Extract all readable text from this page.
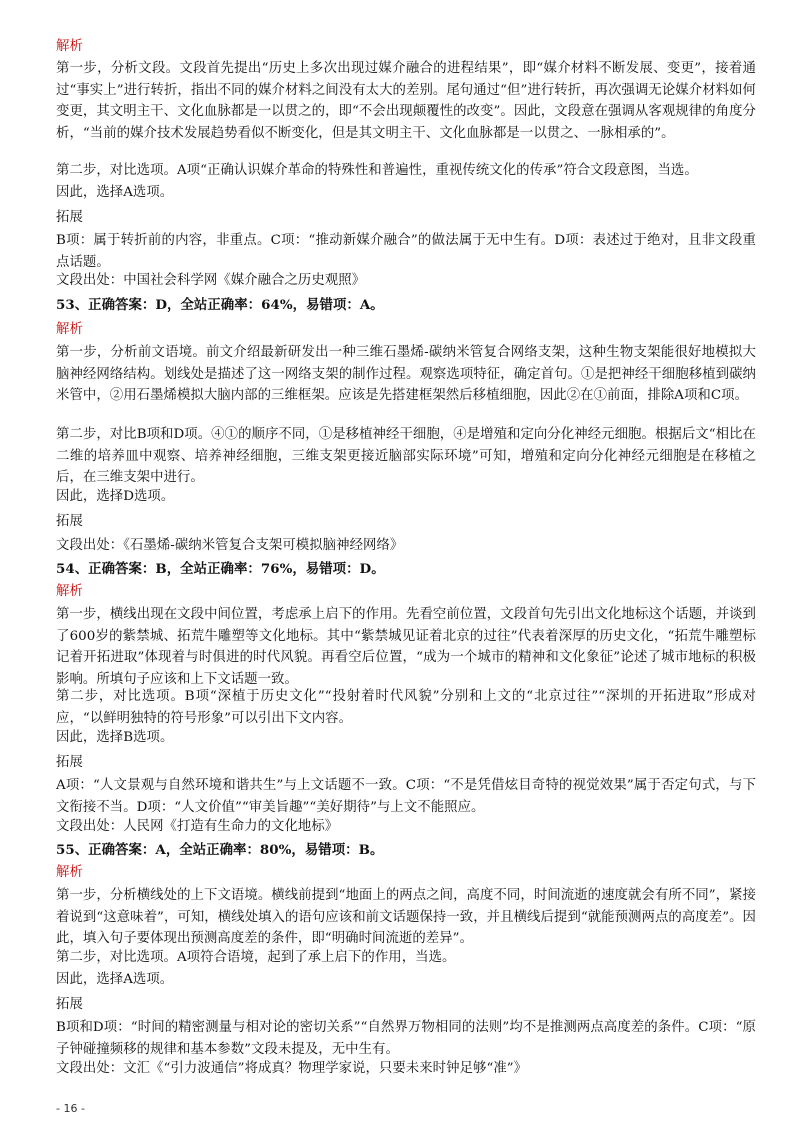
解析
第一步，分析文段。文段首先提出“历史上多次出现过媒介融合的进程结果”，即“媒介材料不断发展、变更”，接着通过“事实上”进行转折，指出不同的媒介材料之间没有太大的差别。尾句通过“但”进行转折，再次强调无论媒介材料如何变更，其文明主干、文化血脉都是一以贯之的，即“不会出现颠覆性的改变”。因此，文段意在强调从客观规律的角度分析，“当前的媒介技术发展趋势看似不断变化，但是其文明主干、文化血脉都是一以贯之、一脉相承的”。
第二步，对比选项。A项“正确认识媒介革命的特殊性和普遍性，重视传统文化的传承”符合文段意图，当选。
因此，选择A选项。
拓展
B项：属于转折前的内容，非重点。C项：“推动新媒介融合”的做法属于无中生有。D项：表述过于绝对，且非文段重点话题。
文段出处：中国社会科学网《媒介融合之历史观照》
53、正确答案：D，全站正确率：64%，易错项：A。
解析
第一步，分析前文语境。前文介绍最新研发出一种三维石墨烯-碳纳米管复合网络支架，这种生物支架能很好地模拟大脑神经网络结构。划线处是描述了这一网络支架的制作过程。观察选项特征，确定首句。①是把神经干细胞移植到碳纳米管中，②用石墨烯模拟大脑内部的三维框架。应该是先搭建框架然后移植细胞，因此②在①前面，排除A项和C项。
第二步，对比B项和D项。④①的顺序不同，①是移植神经干细胞，④是增殖和定向分化神经元细胞。根据后文“相比在二维的培养皿中观察、培养神经细胞，三维支架更接近脑部实际环境”可知，增殖和定向分化神经元细胞是在移植之后，在三维支架中进行。
因此，选择D选项。
拓展
文段出处：《石墨烯-碳纳米管复合支架可模拟脑神经网络》
54、正确答案：B，全站正确率：76%，易错项：D。
解析
第一步，横线出现在文段中间位置，考虑承上启下的作用。先看空前位置，文段首句先引出文化地标这个话题，并谈到了600岁的紫禁城、拓荒牛雕塑等文化地标。其中“紫禁城见证着北京的过往”代表着深厚的历史文化，“拓荒牛雕塑标记着开拓进取”体现着与时俱进的时代风貌。再看空后位置，“成为一个城市的精神和文化象征”论述了城市地标的积极影响。所填句子应该和上下文话题一致。
第二步，对比选项。B项“深植于历史文化”“投射着时代风貌”分别和上文的“北京过往”“深圳的开拓进取”形成对应，“以鲜明独特的符号形象”可以引出下文内容。
因此，选择B选项。
拓展
A项：“人文景观与自然环境和谐共生”与上文话题不一致。C项：“不是凭借炫目奇特的视觉效果”属于否定句式，与下文衔接不当。D项：“人文价值”“审美旨趣”“美好期待”与上文不能照应。
文段出处：人民网《打造有生命力的文化地标》
55、正确答案：A，全站正确率：80%，易错项：B。
解析
第一步，分析横线处的上下文语境。横线前提到“地面上的两点之间，高度不同，时间流逝的速度就会有所不同”，紧接着说到“这意味着”，可知，横线处填入的语句应该和前文话题保持一致，并且横线后提到“就能预测两点的高度差”。因此，填入句子要体现出预测高度差的条件，即“明确时间流逝的差异”。
第二步，对比选项。A项符合语境，起到了承上启下的作用，当选。
因此，选择A选项。
拓展
B项和D项：“时间的精密测量与相对论的密切关系”“自然界万物相同的法则”均不是推测两点高度差的条件。C项：“原子钟碰撞频移的规律和基本参数”文段未提及，无中生有。
文段出处：文汇《“引力波通信”将成真？物理学家说，只要未来时钟足够“准”》
- 16 -
